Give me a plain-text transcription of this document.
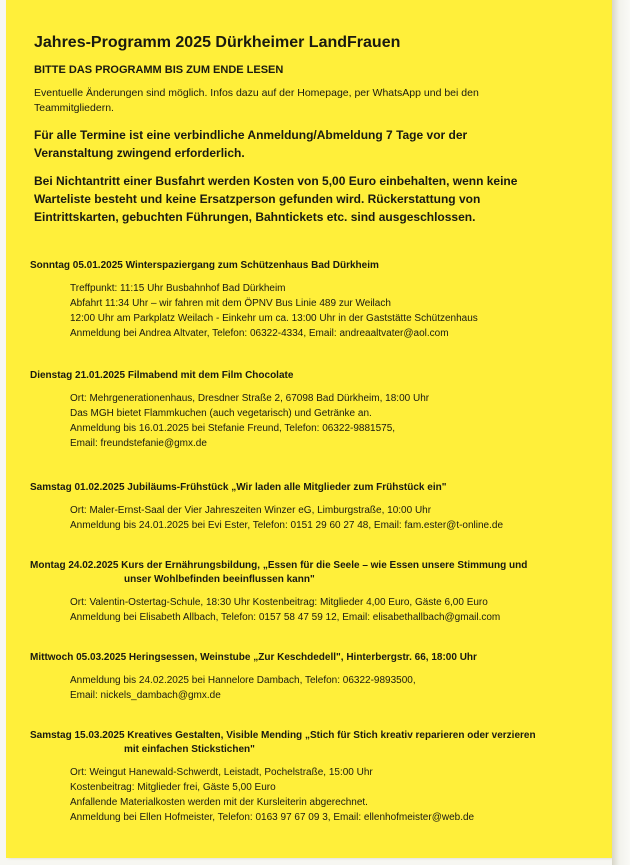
Jahres-Programm 2025 Dürkheimer LandFrauen
BITTE DAS PROGRAMM BIS ZUM ENDE LESEN
Eventuelle Änderungen sind möglich. Infos dazu auf der Homepage, per WhatsApp und bei den Teammitgliedern.
Für alle Termine ist eine verbindliche Anmeldung/Abmeldung 7 Tage vor der Veranstaltung zwingend erforderlich.
Bei Nichtantritt einer Busfahrt werden Kosten von 5,00 Euro einbehalten, wenn keine Warteliste besteht und keine Ersatzperson gefunden wird. Rückerstattung von Eintrittskarten, gebuchten Führungen, Bahntickets etc. sind ausgeschlossen.
Sonntag 05.01.2025 Winterspaziergang zum Schützenhaus Bad Dürkheim
Treffpunkt: 11:15 Uhr Busbahnhof Bad Dürkheim
Abfahrt 11:34 Uhr – wir fahren mit dem ÖPNV Bus Linie 489 zur Weilach
12:00 Uhr am Parkplatz Weilach - Einkehr um ca. 13:00 Uhr in der Gaststätte Schützenhaus
Anmeldung bei Andrea Altvater, Telefon: 06322-4334, Email: andreaaltvater@aol.com
Dienstag 21.01.2025 Filmabend mit dem Film Chocolate
Ort: Mehrgenerationenhaus, Dresdner Straße 2, 67098 Bad Dürkheim, 18:00 Uhr
Das MGH bietet Flammkuchen (auch vegetarisch) und Getränke an.
Anmeldung bis 16.01.2025 bei Stefanie Freund, Telefon: 06322-9881575,
Email: freundstefanie@gmx.de
Samstag 01.02.2025 Jubiläums-Frühstück „Wir laden alle Mitglieder zum Frühstück ein"
Ort: Maler-Ernst-Saal der Vier Jahreszeiten Winzer eG, Limburgstraße, 10:00 Uhr
Anmeldung bis 24.01.2025 bei Evi Ester, Telefon: 0151 29 60 27 48, Email: fam.ester@t-online.de
Montag 24.02.2025 Kurs der Ernährungsbildung, „Essen für die Seele – wie Essen unsere Stimmung und
unser Wohlbefinden beeinflussen kann"
Ort: Valentin-Ostertag-Schule, 18:30 Uhr Kostenbeitrag: Mitglieder 4,00 Euro, Gäste 6,00 Euro
Anmeldung bei Elisabeth Allbach, Telefon: 0157 58 47 59 12, Email: elisabethallbach@gmail.com
Mittwoch 05.03.2025 Heringsessen, Weinstube „Zur Keschdedell", Hinterbergstr. 66, 18:00 Uhr
Anmeldung bis 24.02.2025 bei Hannelore Dambach, Telefon: 06322-9893500,
Email: nickels_dambach@gmx.de
Samstag 15.03.2025 Kreatives Gestalten, Visible Mending „Stich für Stich kreativ reparieren oder verzieren
mit einfachen Stickstichen"
Ort: Weingut Hanewald-Schwerdt, Leistadt, Pochelstraße, 15:00 Uhr
Kostenbeitrag: Mitglieder frei, Gäste 5,00 Euro
Anfallende Materialkosten werden mit der Kursleiterin abgerechnet.
Anmeldung bei Ellen Hofmeister, Telefon: 0163 97 67 09 3, Email: ellenhofmeister@web.de
